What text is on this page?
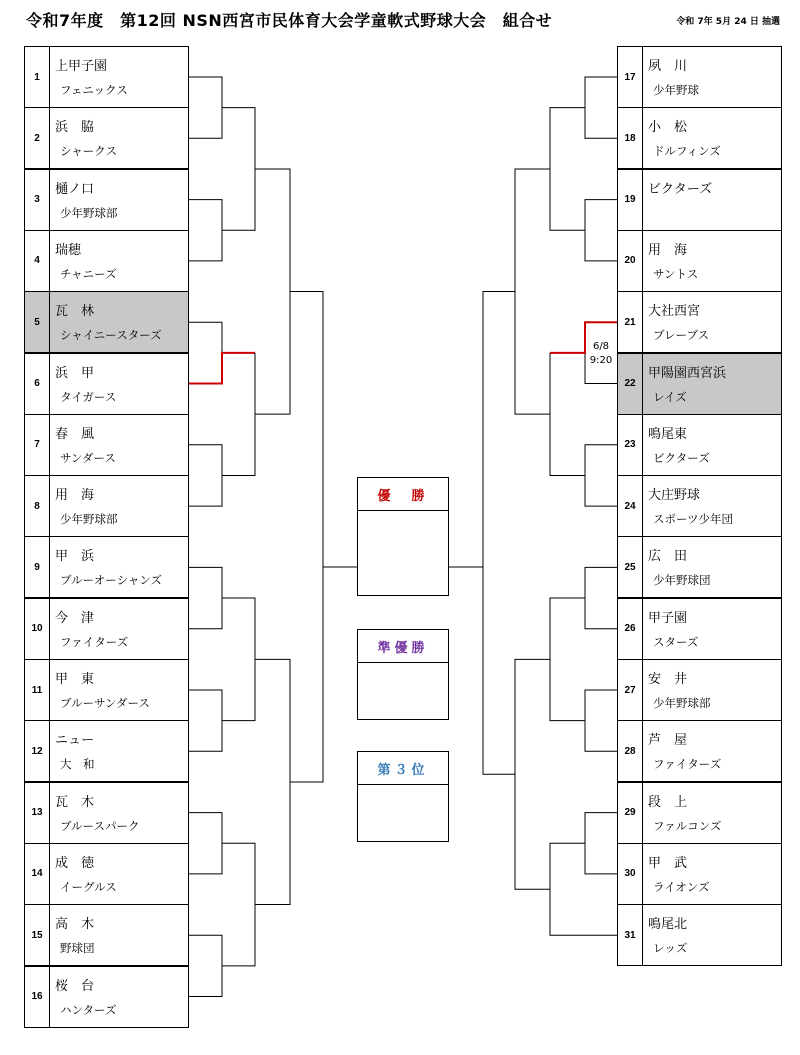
令和7年度　第12回 NSN西宮市民体育大会学童軟式野球大会　組合せ	令和 7年 5月 24 日 抽選
1
上甲子園
フェニックス
2
浜　脇
シャークス
3
樋ノ口
少年野球部
4
瑞穂
チャニーズ
5
瓦　林
シャイニースターズ
6
浜　甲
タイガース
7
春　風
サンダース
8
用　海
少年野球部
9
甲　浜
ブルーオーシャンズ
10
今　津
ファイターズ
11
甲　東
ブルーサンダース
12
ニュー
大　和
13
瓦　木
ブルースパーク
14
成　徳
イーグルス
15
高　木
野球団
16
桜　台
ハンターズ
17
夙　川
少年野球
18
小　松
ドルフィンズ
19
ビクターズ
20
用　海
サントス
21
大社西宮
ブレーブス
22
甲陽園西宮浜
レイズ
23
鳴尾東
ビクターズ
24
大庄野球
スポーツ少年団
25
広　田
少年野球団
26
甲子園
スターズ
27
安　井
少年野球部
28
芦　屋
ファイターズ
29
段　上
ファルコンズ
30
甲　武
ライオンズ
31
鳴尾北
レッズ
優　勝
準優勝
第３位
6/8
9:20
